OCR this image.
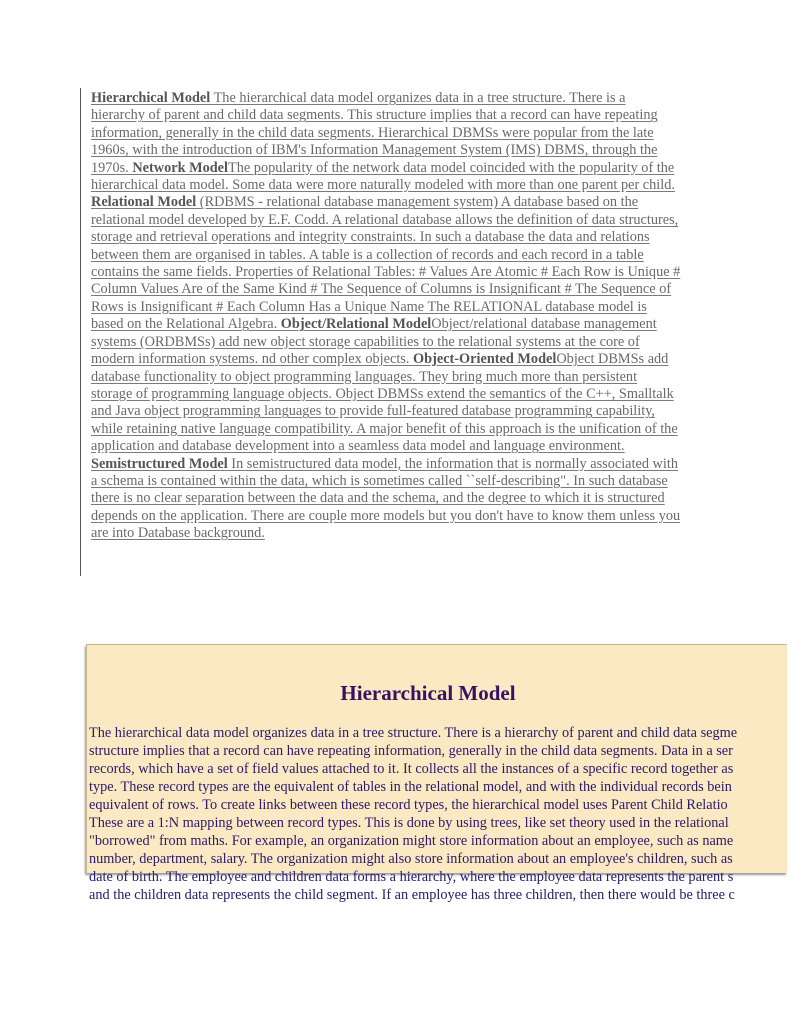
Hierarchical Model The hierarchical data model organizes data in a tree structure. There is a hierarchy of parent and child data segments. This structure implies that a record can have repeating information, generally in the child data segments. Hierarchical DBMSs were popular from the late 1960s, with the introduction of IBM's Information Management System (IMS) DBMS, through the 1970s. Network ModelThe popularity of the network data model coincided with the popularity of the hierarchical data model. Some data were more naturally modeled with more than one parent per child. Relational Model (RDBMS - relational database management system) A database based on the relational model developed by E.F. Codd. A relational database allows the definition of data structures, storage and retrieval operations and integrity constraints. In such a database the data and relations between them are organised in tables. A table is a collection of records and each record in a table contains the same fields. Properties of Relational Tables: # Values Are Atomic # Each Row is Unique # Column Values Are of the Same Kind # The Sequence of Columns is Insignificant # The Sequence of Rows is Insignificant # Each Column Has a Unique Name The RELATIONAL database model is based on the Relational Algebra. Object/Relational ModelObject/relational database management systems (ORDBMSs) add new object storage capabilities to the relational systems at the core of modern information systems. nd other complex objects. Object-Oriented ModelObject DBMSs add database functionality to object programming languages. They bring much more than persistent storage of programming language objects. Object DBMSs extend the semantics of the C++, Smalltalk and Java object programming languages to provide full-featured database programming capability, while retaining native language compatibility. A major benefit of this approach is the unification of the application and database development into a seamless data model and language environment. Semistructured Model In semistructured data model, the information that is normally associated with a schema is contained within the data, which is sometimes called ``self-describing". In such database there is no clear separation between the data and the schema, and the degree to which it is structured depends on the application. There are couple more models but you don't have to know them unless you are into Database background.
Hierarchical Model
The hierarchical data model organizes data in a tree structure. There is a hierarchy of parent and child data segme
structure implies that a record can have repeating information, generally in the child data segments. Data in a ser
records, which have a set of field values attached to it. It collects all the instances of a specific record together as
type. These record types are the equivalent of tables in the relational model, and with the individual records bein
equivalent of rows. To create links between these record types, the hierarchical model uses Parent Child Relatio
These are a 1:N mapping between record types. This is done by using trees, like set theory used in the relational
"borrowed" from maths. For example, an organization might store information about an employee, such as name
number, department, salary. The organization might also store information about an employee's children, such as
date of birth. The employee and children data forms a hierarchy, where the employee data represents the parent s
and the children data represents the child segment. If an employee has three children, then there would be three c
